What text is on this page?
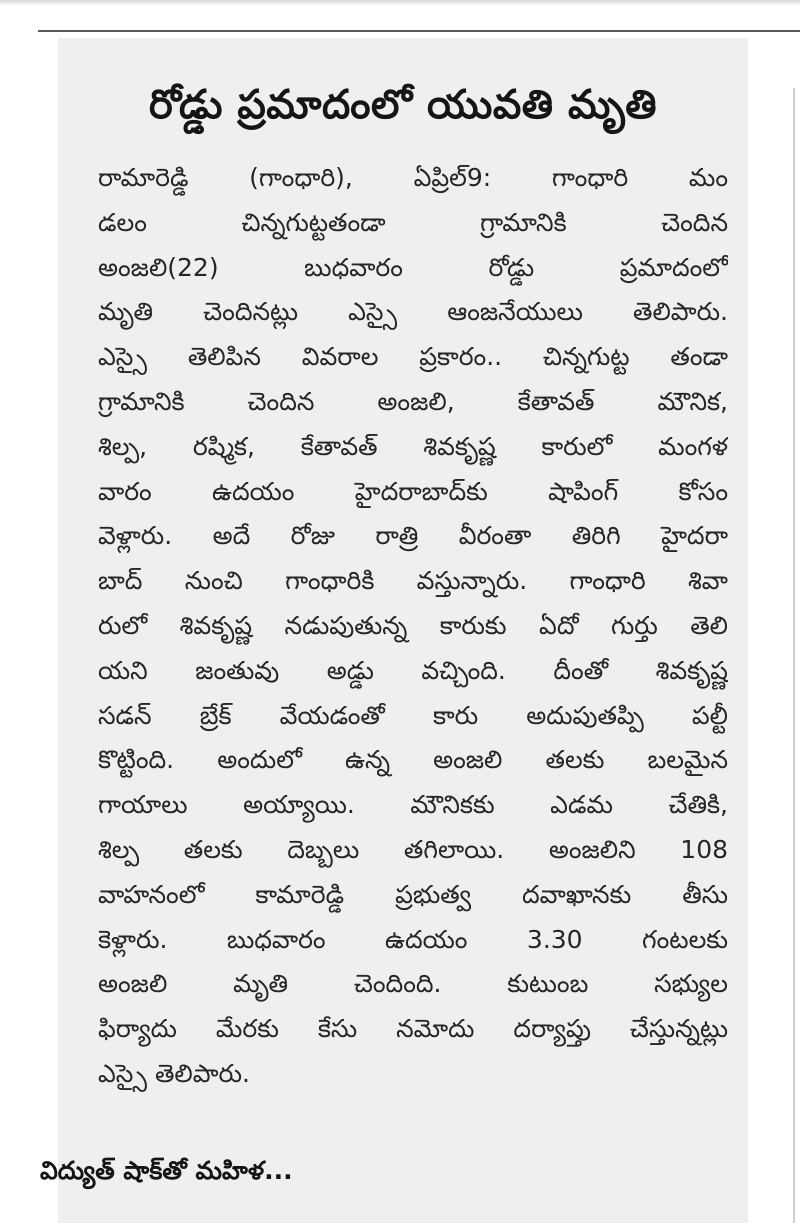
రోడ్డు ప్రమాదంలో యువతి మృతి
రామారెడ్డి (గాంధారి), ఏప్రిల్9: గాంధారి మం
డలం చిన్నగుట్టతండా గ్రామానికి చెందిన
అంజలి(22) బుధవారం రోడ్డు ప్రమాదంలో
మృతి చెందినట్లు ఎస్సై ఆంజనేయులు తెలిపారు.
ఎస్సై తెలిపిన వివరాల ప్రకారం.. చిన్నగుట్ట తండా
గ్రామానికి చెందిన అంజలి, కేతావత్ మౌనిక,
శిల్ప, రష్మిక, కేతావత్ శివకృష్ణ కారులో మంగళ
వారం ఉదయం హైదరాబాద్‌కు షాపింగ్ కోసం
వెళ్లారు. అదే రోజు రాత్రి వీరంతా తిరిగి హైదరా
బాద్ నుంచి గాంధారికి వస్తున్నారు. గాంధారి శివా
రులో శివకృష్ణ నడుపుతున్న కారుకు ఏదో గుర్తు తెలి
యని జంతువు అడ్డు వచ్చింది. దీంతో శివకృష్ణ
సడన్ బ్రేక్ వేయడంతో కారు అదుపుతప్పి పల్టీ
కొట్టింది. అందులో ఉన్న అంజలి తలకు బలమైన
గాయాలు అయ్యాయి. మౌనికకు ఎడమ చేతికి,
శిల్ప తలకు దెబ్బలు తగిలాయి. అంజలిని 108
వాహనంలో కామారెడ్డి ప్రభుత్వ దవాఖానకు తీసు
కెళ్లారు. బుధవారం ఉదయం 3.30 గంటలకు
అంజలి మృతి చెందింది. కుటుంబ సభ్యుల
ఫిర్యాదు మేరకు కేసు నమోదు దర్యాప్తు చేస్తున్నట్లు
ఎస్సై తెలిపారు.
విద్యుత్ షాక్‌తో మహిళ...
